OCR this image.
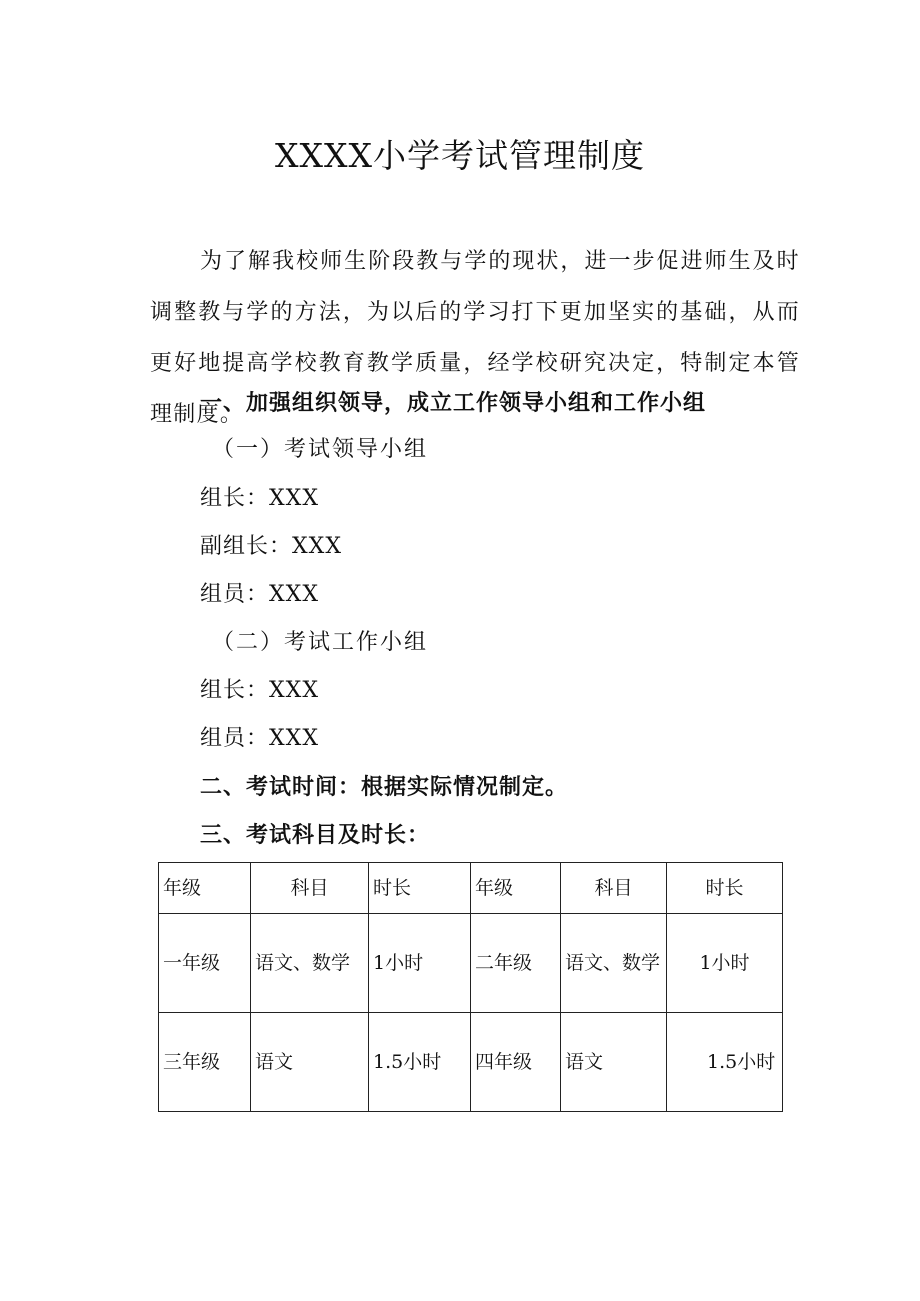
XXXX小学考试管理制度

为了解我校师生阶段教与学的现状，进一步促进师生及时调整教与学的方法，为以后的学习打下更加坚实的基础，从而更好地提高学校教育教学质量，经学校研究决定，特制定本管理制度。

一、加强组织领导，成立工作领导小组和工作小组
（一）考试领导小组
组长：XXX
副组长：XXX
组员：XXX
（二）考试工作小组
组长：XXX
组员：XXX
二、考试时间：根据实际情况制定。
三、考试科目及时长：
年级	科目	时长	年级	科目	时长
一年级	语文、数学	1小时	二年级	语文、数学	1小时
三年级	语文	1.5小时	四年级	语文	1.5小时
